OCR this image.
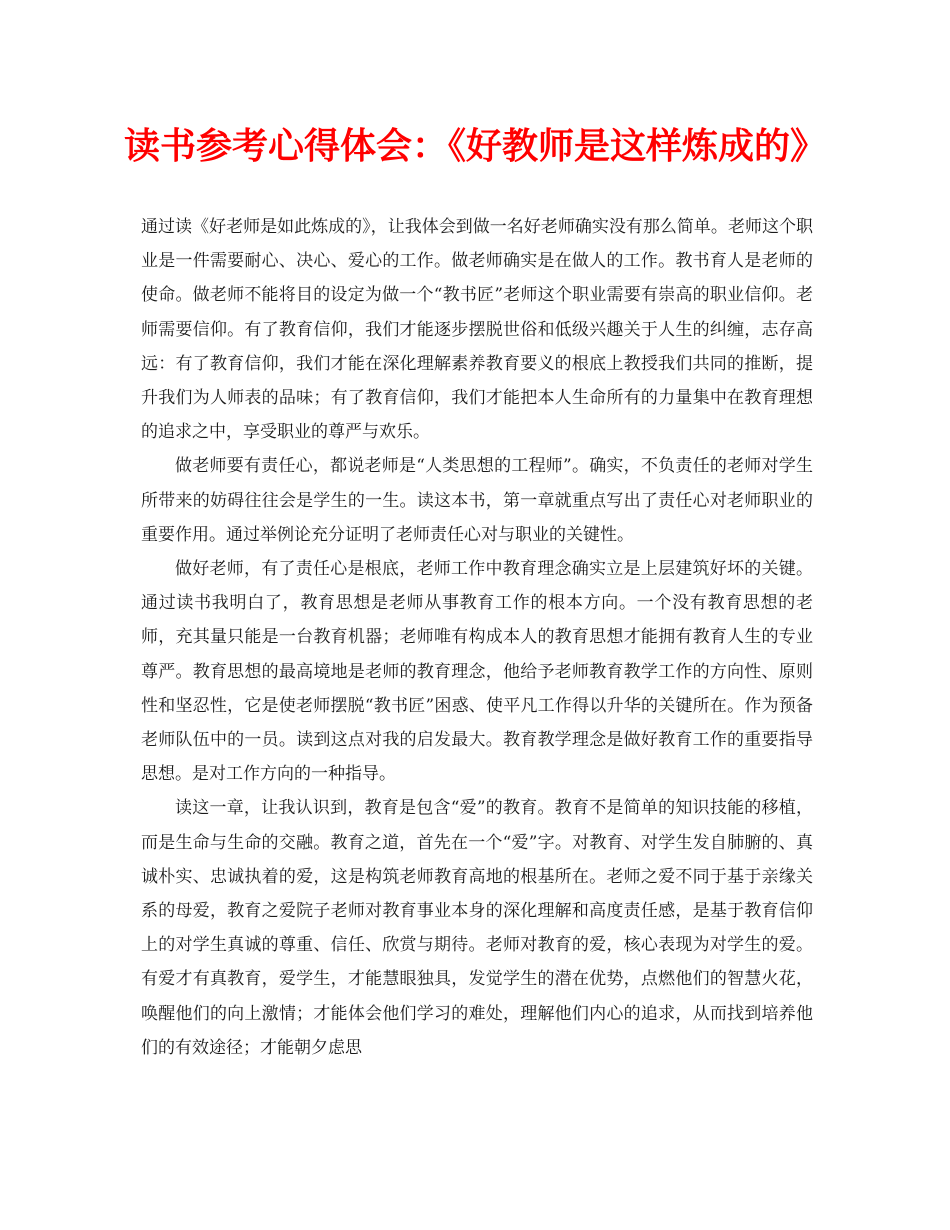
读书参考心得体会：《好教师是这样炼成的》

通过读《好老师是如此炼成的》，让我体会到做一名好老师确实没有那么简单。老师这个职业是一件需要耐心、决心、爱心的工作。做老师确实是在做人的工作。教书育人是老师的使命。做老师不能将目的设定为做一个“教书匠”老师这个职业需要有崇高的职业信仰。老师需要信仰。有了教育信仰，我们才能逐步摆脱世俗和低级兴趣关于人生的纠缠，志存高远：有了教育信仰，我们才能在深化理解素养教育要义的根底上教授我们共同的推断，提升我们为人师表的品味；有了教育信仰，我们才能把本人生命所有的力量集中在教育理想的追求之中，享受职业的尊严与欢乐。

做老师要有责任心，都说老师是“人类思想的工程师”。确实，不负责任的老师对学生所带来的妨碍往往会是学生的一生。读这本书，第一章就重点写出了责任心对老师职业的重要作用。通过举例论充分证明了老师责任心对与职业的关键性。

做好老师，有了责任心是根底，老师工作中教育理念确实立是上层建筑好坏的关键。通过读书我明白了，教育思想是老师从事教育工作的根本方向。一个没有教育思想的老师，充其量只能是一台教育机器；老师唯有构成本人的教育思想才能拥有教育人生的专业尊严。教育思想的最高境地是老师的教育理念，他给予老师教育教学工作的方向性、原则性和坚忍性，它是使老师摆脱“教书匠”困惑、使平凡工作得以升华的关键所在。作为预备老师队伍中的一员。读到这点对我的启发最大。教育教学理念是做好教育工作的重要指导思想。是对工作方向的一种指导。

读这一章，让我认识到，教育是包含“爱”的教育。教育不是简单的知识技能的移植，而是生命与生命的交融。教育之道，首先在一个“爱”字。对教育、对学生发自肺腑的、真诚朴实、忠诚执着的爱，这是构筑老师教育高地的根基所在。老师之爱不同于基于亲缘关系的母爱，教育之爱院子老师对教育事业本身的深化理解和高度责任感，是基于教育信仰上的对学生真诚的尊重、信任、欣赏与期待。老师对教育的爱，核心表现为对学生的爱。有爱才有真教育，爱学生，才能慧眼独具，发觉学生的潜在优势，点燃他们的智慧火花，唤醒他们的向上激情；才能体会他们学习的难处，理解他们内心的追求，从而找到培养他们的有效途径；才能朝夕虑思
